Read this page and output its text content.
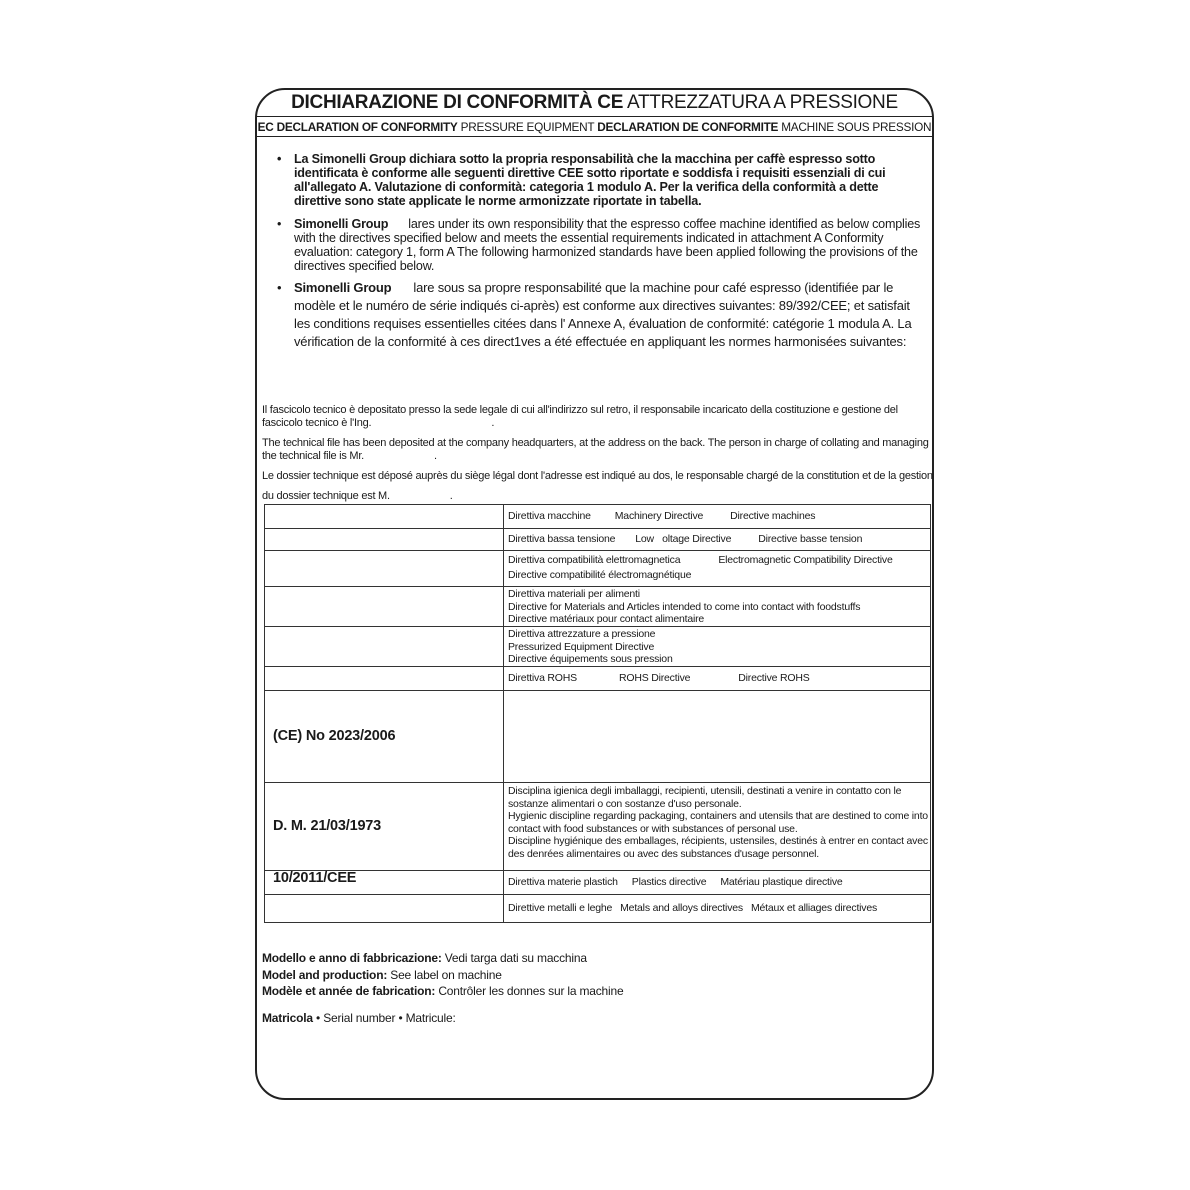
DICHIARAZIONE DI CONFORMITÀ CE ATTREZZATURA A PRESSIONE
EC DECLARATION OF CONFORMITY PRESSURE EQUIPMENT DECLARATION DE CONFORMITE MACHINE SOUS PRESSION
• La Simonelli Group dichiara sotto la propria responsabilità che la macchina per caffè espresso sotto identificata è conforme alle seguenti direttive CEE sotto riportate e soddisfa i requisiti essenziali di cui all'allegato A. Valutazione di conformità: categoria 1 modulo A. Per la verifica della conformità a dette direttive sono state applicate le norme armonizzate riportate in tabella.
• Simonelli Group lares under its own responsibility that the espresso coffee machine identified as below complies with the directives specified below and meets the essential requirements indicated in attachment A Conformity evaluation: category 1, form A The following harmonized standards have been applied following the provisions of the directives specified below.
• Simonelli Group lare sous sa propre responsabilité que la machine pour café espresso (identifiée par le modèle et le numéro de série indiqués ci-après) est conforme aux directives suivantes: 89/392/CEE; et satisfait les conditions requises essentielles citées dans l' Annexe A, évaluation de conformité: catégorie 1 modula A. La vérification de la conformité à ces direct1ves a été effectuée en appliquant les normes harmonisées suivantes:

Il fascicolo tecnico è depositato presso la sede legale di cui all'indirizzo sul retro, il responsabile incaricato della costituzione e gestione del fascicolo tecnico è l'Ing.	.

The technical file has been deposited at the company headquarters, at the address on the back. The person in charge of collating and managing the technical file is Mr.	.

Le dossier technique est déposé auprès du siège légal dont l'adresse est indiqué au dos, le responsable chargé de la constitution et de la gestion du dossier technique est M.	.

	Direttiva macchine Machinery Directive Directive machines
	Direttiva bassa tensione Low   oltage Directive Directive basse tension
	Direttiva compatibilità elettromagnetica Electromagnetic Compatibility Directive
Directive compatibilité électromagnétique
	Direttiva materiali per alimenti
Directive for Materials and Articles intended to come into contact with foodstuffs
Directive matériaux pour contact alimentaire
	Direttiva attrezzature a pressione
Pressurized Equipment Directive
Directive équipements sous pression
	Direttiva ROHS ROHS Directive Directive ROHS
(CE) No 2023/2006	
D. M. 21/03/1973	Disciplina igienica degli imballaggi, recipienti, utensili, destinati a venire in contatto con le sostanze alimentari o con sostanze d'uso personale.
Hygienic discipline regarding packaging, containers and utensils that are destined to come into contact with food substances or with substances of personal use.
Discipline hygiénique des emballages, récipients, ustensiles, destinés à entrer en contact avec des denrées alimentaires ou avec des substances d'usage personnel.
10/2011/CEE	Direttiva materie plastich Plastics directive Matériau plastique directive
	Direttive metalli e leghe Metals and alloys directives Métaux et alliages directives

Modello e anno di fabbricazione: Vedi targa dati su macchina

Model and production: See label on machine

Modèle et année de fabrication: Contrôler les donnes sur la machine

Matricola • Serial number • Matricule:
